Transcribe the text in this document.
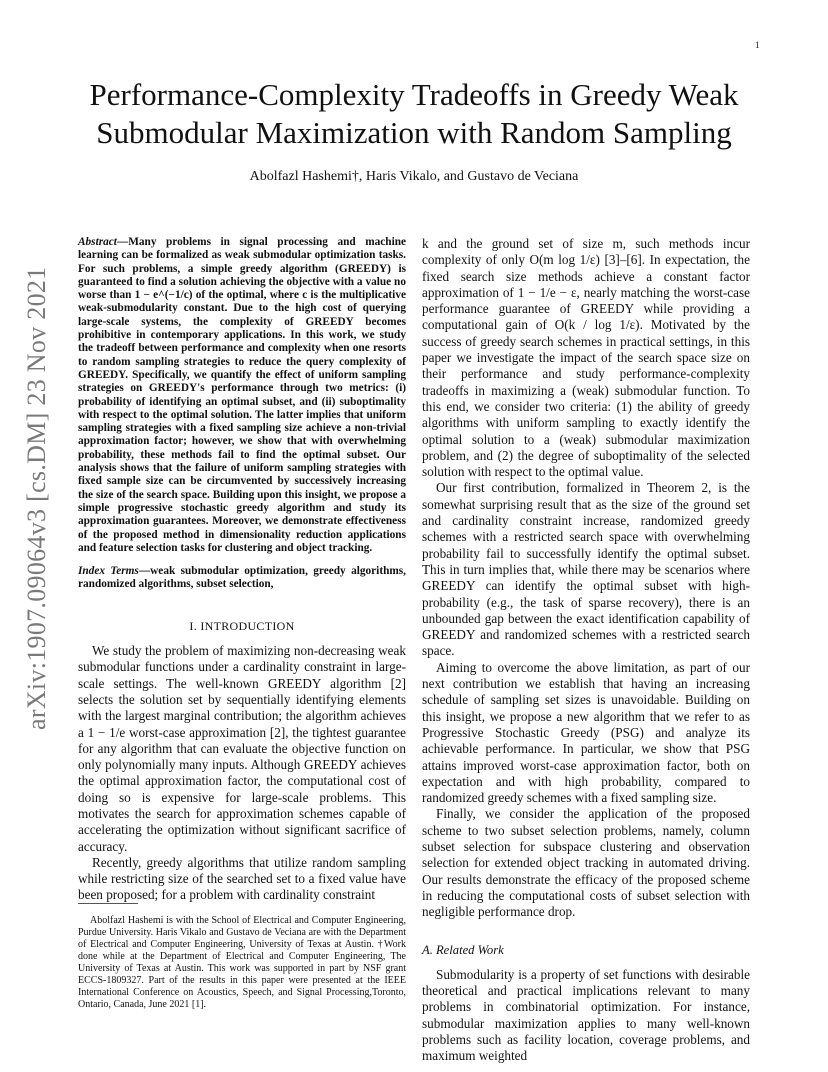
1
arXiv:1907.09064v3 [cs.DM] 23 Nov 2021
Performance-Complexity Tradeoffs in Greedy Weak
Submodular Maximization with Random Sampling
Abolfazl Hashemi†, Haris Vikalo, and Gustavo de Veciana

Abstract—Many problems in signal processing and machine learning can be formalized as weak submodular optimization tasks. For such problems, a simple greedy algorithm (GREEDY) is guaranteed to find a solution achieving the objective with a value no worse than 1 − e^(−1/c) of the optimal, where c is the multiplicative weak-submodularity constant. Due to the high cost of querying large-scale systems, the complexity of GREEDY becomes prohibitive in contemporary applications. In this work, we study the tradeoff between performance and complexity when one resorts to random sampling strategies to reduce the query complexity of GREEDY. Specifically, we quantify the effect of uniform sampling strategies on GREEDY's performance through two metrics: (i) probability of identifying an optimal subset, and (ii) suboptimality with respect to the optimal solution. The latter implies that uniform sampling strategies with a fixed sampling size achieve a non-trivial approximation factor; however, we show that with overwhelming probability, these methods fail to find the optimal subset. Our analysis shows that the failure of uniform sampling strategies with fixed sample size can be circumvented by successively increasing the size of the search space. Building upon this insight, we propose a simple progressive stochastic greedy algorithm and study its approximation guarantees. Moreover, we demonstrate effectiveness of the proposed method in dimensionality reduction applications and feature selection tasks for clustering and object tracking.

Index Terms—weak submodular optimization, greedy algorithms, randomized algorithms, subset selection,

I. INTRODUCTION

We study the problem of maximizing non-decreasing weak submodular functions under a cardinality constraint in large-scale settings. The well-known GREEDY algorithm [2] selects the solution set by sequentially identifying elements with the largest marginal contribution; the algorithm achieves a 1 − 1/e worst-case approximation [2], the tightest guarantee for any algorithm that can evaluate the objective function on only polynomially many inputs. Although GREEDY achieves the optimal approximation factor, the computational cost of doing so is expensive for large-scale problems. This motivates the search for approximation schemes capable of accelerating the optimization without significant sacrifice of accuracy.

Recently, greedy algorithms that utilize random sampling while restricting size of the searched set to a fixed value have been proposed; for a problem with cardinality constraint

Abolfazl Hashemi is with the School of Electrical and Computer Engineering, Purdue University. Haris Vikalo and Gustavo de Veciana are with the Department of Electrical and Computer Engineering, University of Texas at Austin. †Work done while at the Department of Electrical and Computer Engineering, The University of Texas at Austin. This work was supported in part by NSF grant ECCS-1809327. Part of the results in this paper were presented at the IEEE International Conference on Acoustics, Speech, and Signal Processing,Toronto, Ontario, Canada, June 2021 [1].

k and the ground set of size m, such methods incur complexity of only O(m log 1/ε) [3]–[6]. In expectation, the fixed search size methods achieve a constant factor approximation of 1 − 1/e − ε, nearly matching the worst-case performance guarantee of GREEDY while providing a computational gain of O(k / log 1/ε). Motivated by the success of greedy search schemes in practical settings, in this paper we investigate the impact of the search space size on their performance and study performance-complexity tradeoffs in maximizing a (weak) submodular function. To this end, we consider two criteria: (1) the ability of greedy algorithms with uniform sampling to exactly identify the optimal solution to a (weak) submodular maximization problem, and (2) the degree of suboptimality of the selected solution with respect to the optimal value.

Our first contribution, formalized in Theorem 2, is the somewhat surprising result that as the size of the ground set and cardinality constraint increase, randomized greedy schemes with a restricted search space with overwhelming probability fail to successfully identify the optimal subset. This in turn implies that, while there may be scenarios where GREEDY can identify the optimal subset with high-probability (e.g., the task of sparse recovery), there is an unbounded gap between the exact identification capability of GREEDY and randomized schemes with a restricted search space.

Aiming to overcome the above limitation, as part of our next contribution we establish that having an increasing schedule of sampling set sizes is unavoidable. Building on this insight, we propose a new algorithm that we refer to as Progressive Stochastic Greedy (PSG) and analyze its achievable performance. In particular, we show that PSG attains improved worst-case approximation factor, both on expectation and with high probability, compared to randomized greedy schemes with a fixed sampling size.

Finally, we consider the application of the proposed scheme to two subset selection problems, namely, column subset selection for subspace clustering and observation selection for extended object tracking in automated driving. Our results demonstrate the efficacy of the proposed scheme in reducing the computational costs of subset selection with negligible performance drop.

A. Related Work

Submodularity is a property of set functions with desirable theoretical and practical implications relevant to many problems in combinatorial optimization. For instance, submodular maximization applies to many well-known problems such as facility location, coverage problems, and maximum weighted
